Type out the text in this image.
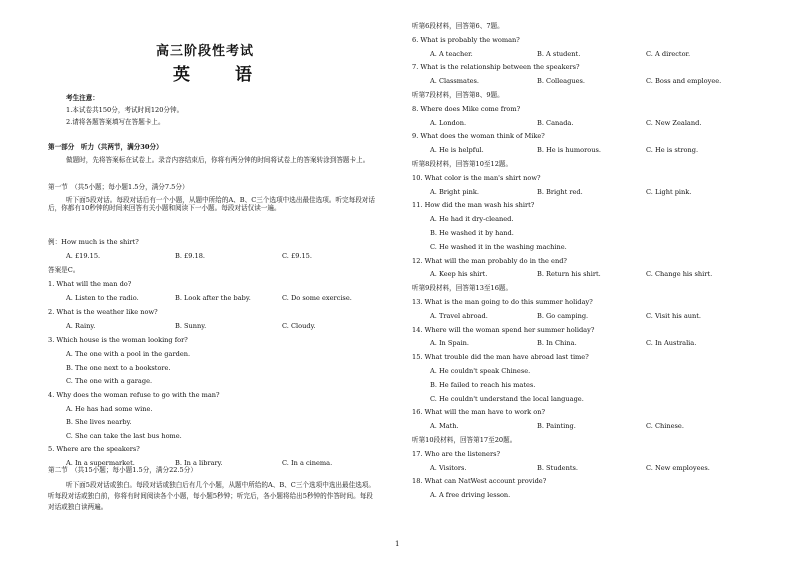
高三阶段性考试
英　语
考生注意：
1.本试卷共150分，考试时间120分钟。
2.请将各题答案填写在答题卡上。
第一部分　听力（共两节，满分30分）
做题时，先将答案标在试卷上。录音内容结束后，你将有两分钟的时间将试卷上的答案转涂到答题卡上。
第一节　（共5小题；每小题1.5分，满分7.5分）
听下面5段对话。每段对话后有一个小题，从题中所给的A、B、C三个选项中选出最佳选项。听完每段对话后，你都有10秒钟的时间来回答有关小题和阅读下一小题。每段对话仅读一遍。
例：How much is the shirt?
A. £19.15.	B. £9.18.	C. £9.15.
答案是C。
1. What will the man do?
A. Listen to the radio.	B. Look after the baby.	C. Do some exercise.
2. What is the weather like now?
A. Rainy.	B. Sunny.	C. Cloudy.
3. Which house is the woman looking for?
A. The one with a pool in the garden.
B. The one next to a bookstore.
C. The one with a garage.
4. Why does the woman refuse to go with the man?
A. He has had some wine.
B. She lives nearby.
C. She can take the last bus home.
5. Where are the speakers?
A. In a supermarket.	B. In a library.	C. In a cinema.
第二节　（共15小题；每小题1.5分，满分22.5分）
听下面5段对话或独白。每段对话或独白后有几个小题，从题中所给的A、B、C三个选项中选出最佳选项。听每段对话或独白前，你将有时间阅读各个小题，每小题5秒钟；听完后，各小题将给出5秒钟的作答时间。每段对话或独白读两遍。
听第6段材料，回答第6、7题。
6. What is probably the woman?
A. A teacher.	B. A student.	C. A director.
7. What is the relationship between the speakers?
A. Classmates.	B. Colleagues.	C. Boss and employee.
听第7段材料，回答第8、9题。
8. Where does Mike come from?
A. London.	B. Canada.	C. New Zealand.
9. What does the woman think of Mike?
A. He is helpful.	B. He is humorous.	C. He is strong.
听第8段材料，回答第10至12题。
10. What color is the man's shirt now?
A. Bright pink.	B. Bright red.	C. Light pink.
11. How did the man wash his shirt?
A. He had it dry-cleaned.
B. He washed it by hand.
C. He washed it in the washing machine.
12. What will the man probably do in the end?
A. Keep his shirt.	B. Return his shirt.	C. Change his shirt.
听第9段材料，回答第13至16题。
13. What is the man going to do this summer holiday?
A. Travel abroad.	B. Go camping.	C. Visit his aunt.
14. Where will the woman spend her summer holiday?
A. In Spain.	B. In China.	C. In Australia.
15. What trouble did the man have abroad last time?
A. He couldn't speak Chinese.
B. He failed to reach his mates.
C. He couldn't understand the local language.
16. What will the man have to work on?
A. Math.	B. Painting.	C. Chinese.
听第10段材料，回答第17至20题。
17. Who are the listeners?
A. Visitors.	B. Students.	C. New employees.
18. What can NatWest account provide?
A. A free driving lesson.
1
